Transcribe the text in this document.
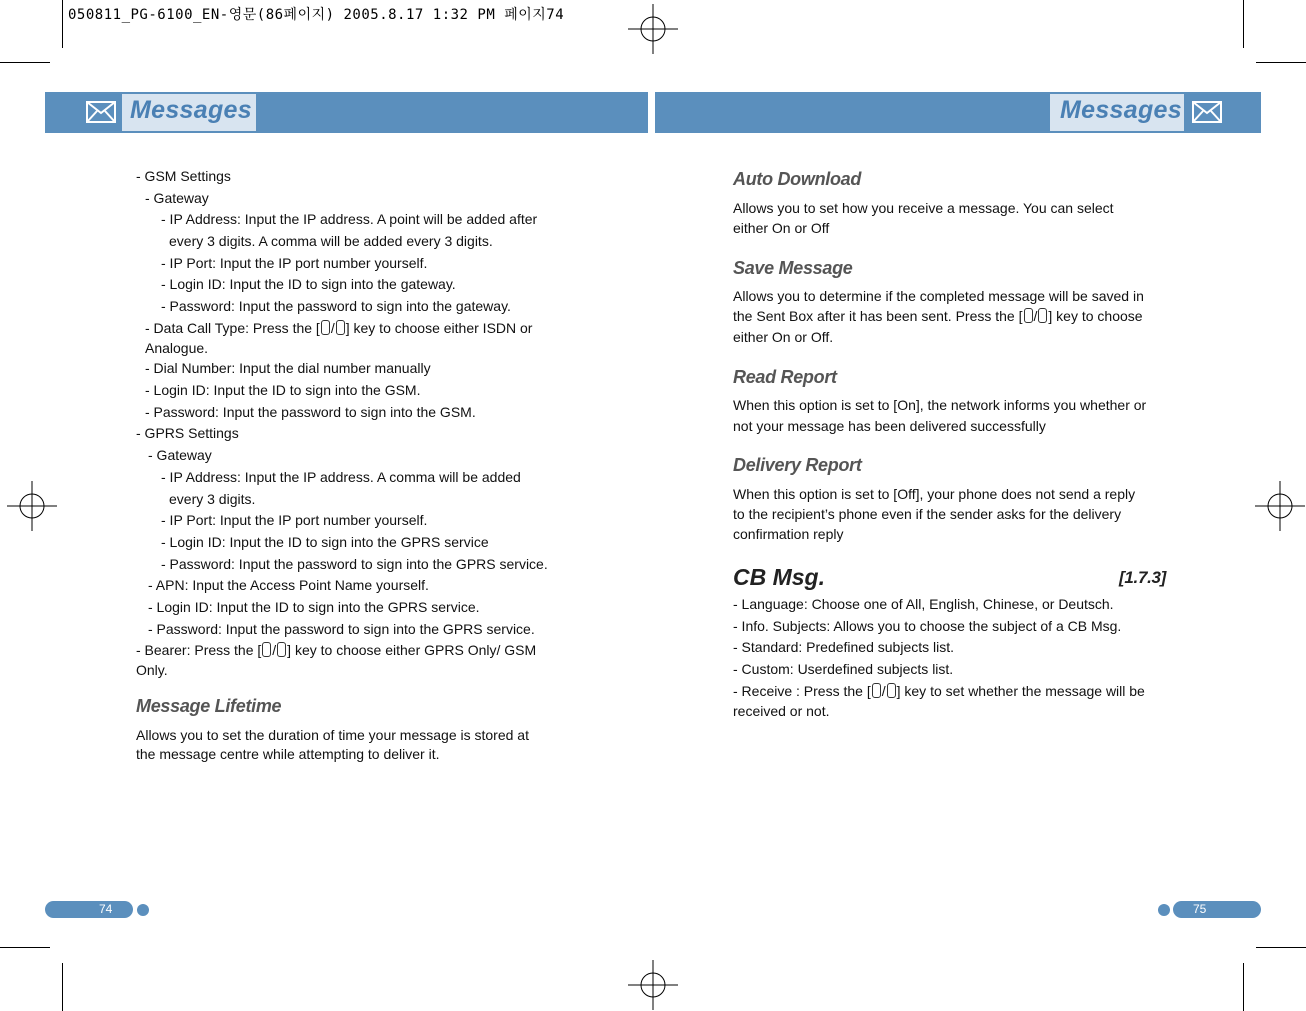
050811_PG-6100_EN-영문(86페이지) 2005.8.17 1:32 PM 페이지74
Messages	Messages
- GSM Settings
- Gateway
- IP Address: Input the IP address. A point will be added after
every 3 digits. A comma will be added every 3 digits.
- IP Port: Input the IP port number yourself.
- Login ID: Input the ID to sign into the gateway.
- Password: Input the password to sign into the gateway.
- Data Call Type: Press the [ / ] key to choose either ISDN or
Analogue.
- Dial Number: Input the dial number manually
- Login ID: Input the ID to sign into the GSM.
- Password: Input the password to sign into the GSM.
- GPRS Settings
- Gateway
- IP Address: Input the IP address. A comma will be added
every 3 digits.
- IP Port: Input the IP port number yourself.
- Login ID: Input the ID to sign into the GPRS service
- Password: Input the password to sign into the GPRS service.
- APN: Input the Access Point Name yourself.
- Login ID: Input the ID to sign into the GPRS service.
- Password: Input the password to sign into the GPRS service.
- Bearer: Press the [ / ] key to choose either GPRS Only/ GSM
Only.
Message Lifetime
Allows you to set the duration of time your message is stored at
the message centre while attempting to deliver it.
Auto Download
Allows you to set how you receive a message. You can select
either On or Off
Save Message
Allows you to determine if the completed message will be saved in
the Sent Box after it has been sent. Press the [ / ] key to choose
either On or Off.
Read Report
When this option is set to [On], the network informs you whether or
not your message has been delivered successfully
Delivery Report
When this option is set to [Off], your phone does not send a reply
to the recipient’s phone even if the sender asks for the delivery
confirmation reply
CB Msg.	[1.7.3]
- Language: Choose one of All, English, Chinese, or Deutsch.
- Info. Subjects: Allows you to choose the subject of a CB Msg.
- Standard: Predefined subjects list.
- Custom: Userdefined subjects list.
- Receive : Press the [ / ] key to set whether the message will be
received or not.
74	75
